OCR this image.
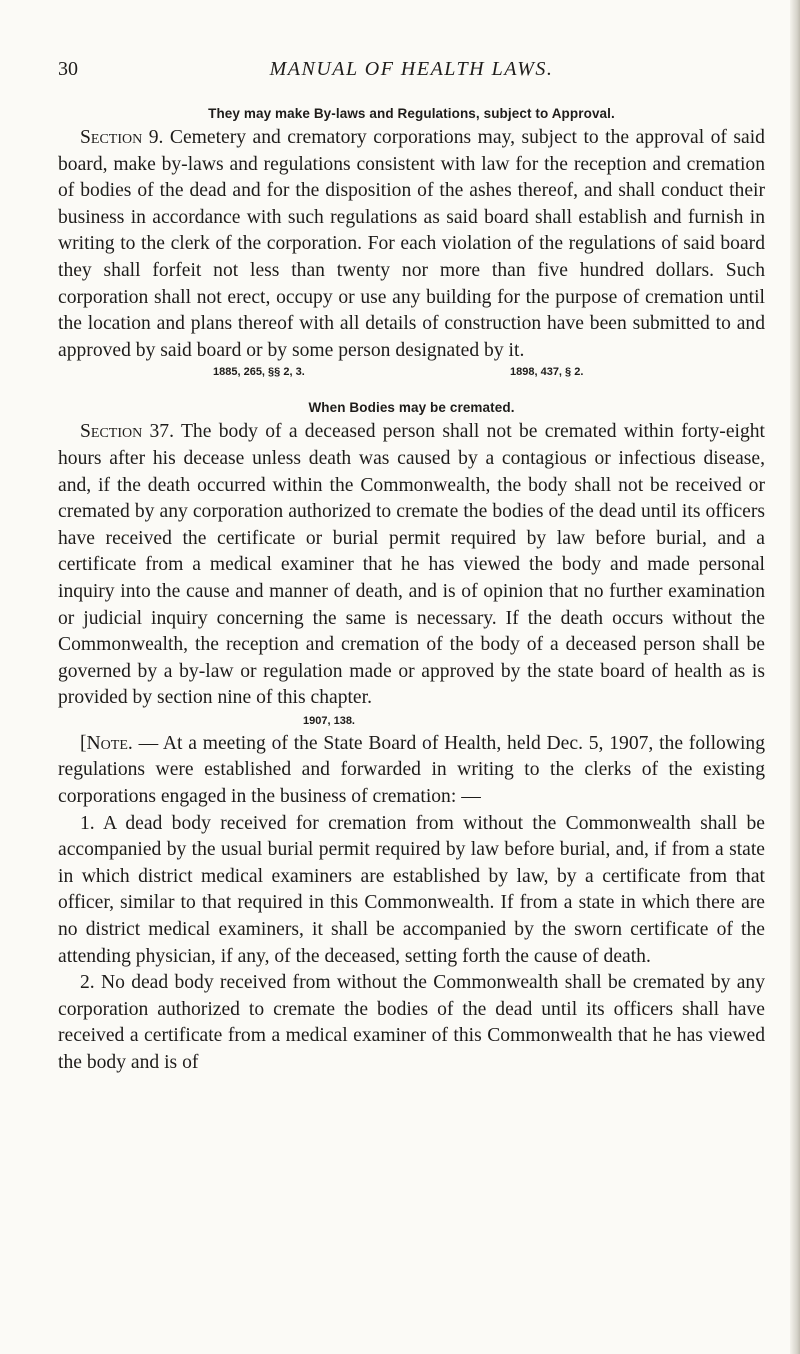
30	MANUAL OF HEALTH LAWS.
They may make By-laws and Regulations, subject to Approval.

Section 9. Cemetery and crematory corporations may, subject to the approval of said board, make by-laws and regulations consistent with law for the reception and cremation of bodies of the dead and for the disposition of the ashes thereof, and shall conduct their business in accordance with such regulations as said board shall establish and furnish in writing to the clerk of the corporation. For each violation of the regulations of said board they shall forfeit not less than twenty nor more than five hundred dollars. Such corporation shall not erect, occupy or use any building for the purpose of cremation until the location and plans thereof with all details of construction have been submitted to and approved by said board or by some person designated by it.

1885, 265, §§ 2, 3.	1898, 437, § 2.
When Bodies may be cremated.

Section 37. The body of a deceased person shall not be cremated within forty-eight hours after his decease unless death was caused by a contagious or infectious disease, and, if the death occurred within the Commonwealth, the body shall not be received or cremated by any corporation authorized to cremate the bodies of the dead until its officers have received the certificate or burial permit required by law before burial, and a certificate from a medical examiner that he has viewed the body and made personal inquiry into the cause and manner of death, and is of opinion that no further examination or judicial inquiry concerning the same is necessary. If the death occurs without the Commonwealth, the reception and cremation of the body of a deceased person shall be governed by a by-law or regulation made or approved by the state board of health as is provided by section nine of this chapter.

1907, 138.

[Note. — At a meeting of the State Board of Health, held Dec. 5, 1907, the following regulations were established and forwarded in writing to the clerks of the existing corporations engaged in the business of cremation: —

1. A dead body received for cremation from without the Commonwealth shall be accompanied by the usual burial permit required by law before burial, and, if from a state in which district medical examiners are established by law, by a certificate from that officer, similar to that required in this Commonwealth. If from a state in which there are no district medical examiners, it shall be accompanied by the sworn certificate of the attending physician, if any, of the deceased, setting forth the cause of death.

2. No dead body received from without the Commonwealth shall be cremated by any corporation authorized to cremate the bodies of the dead until its officers shall have received a certificate from a medical examiner of this Commonwealth that he has viewed the body and is of
